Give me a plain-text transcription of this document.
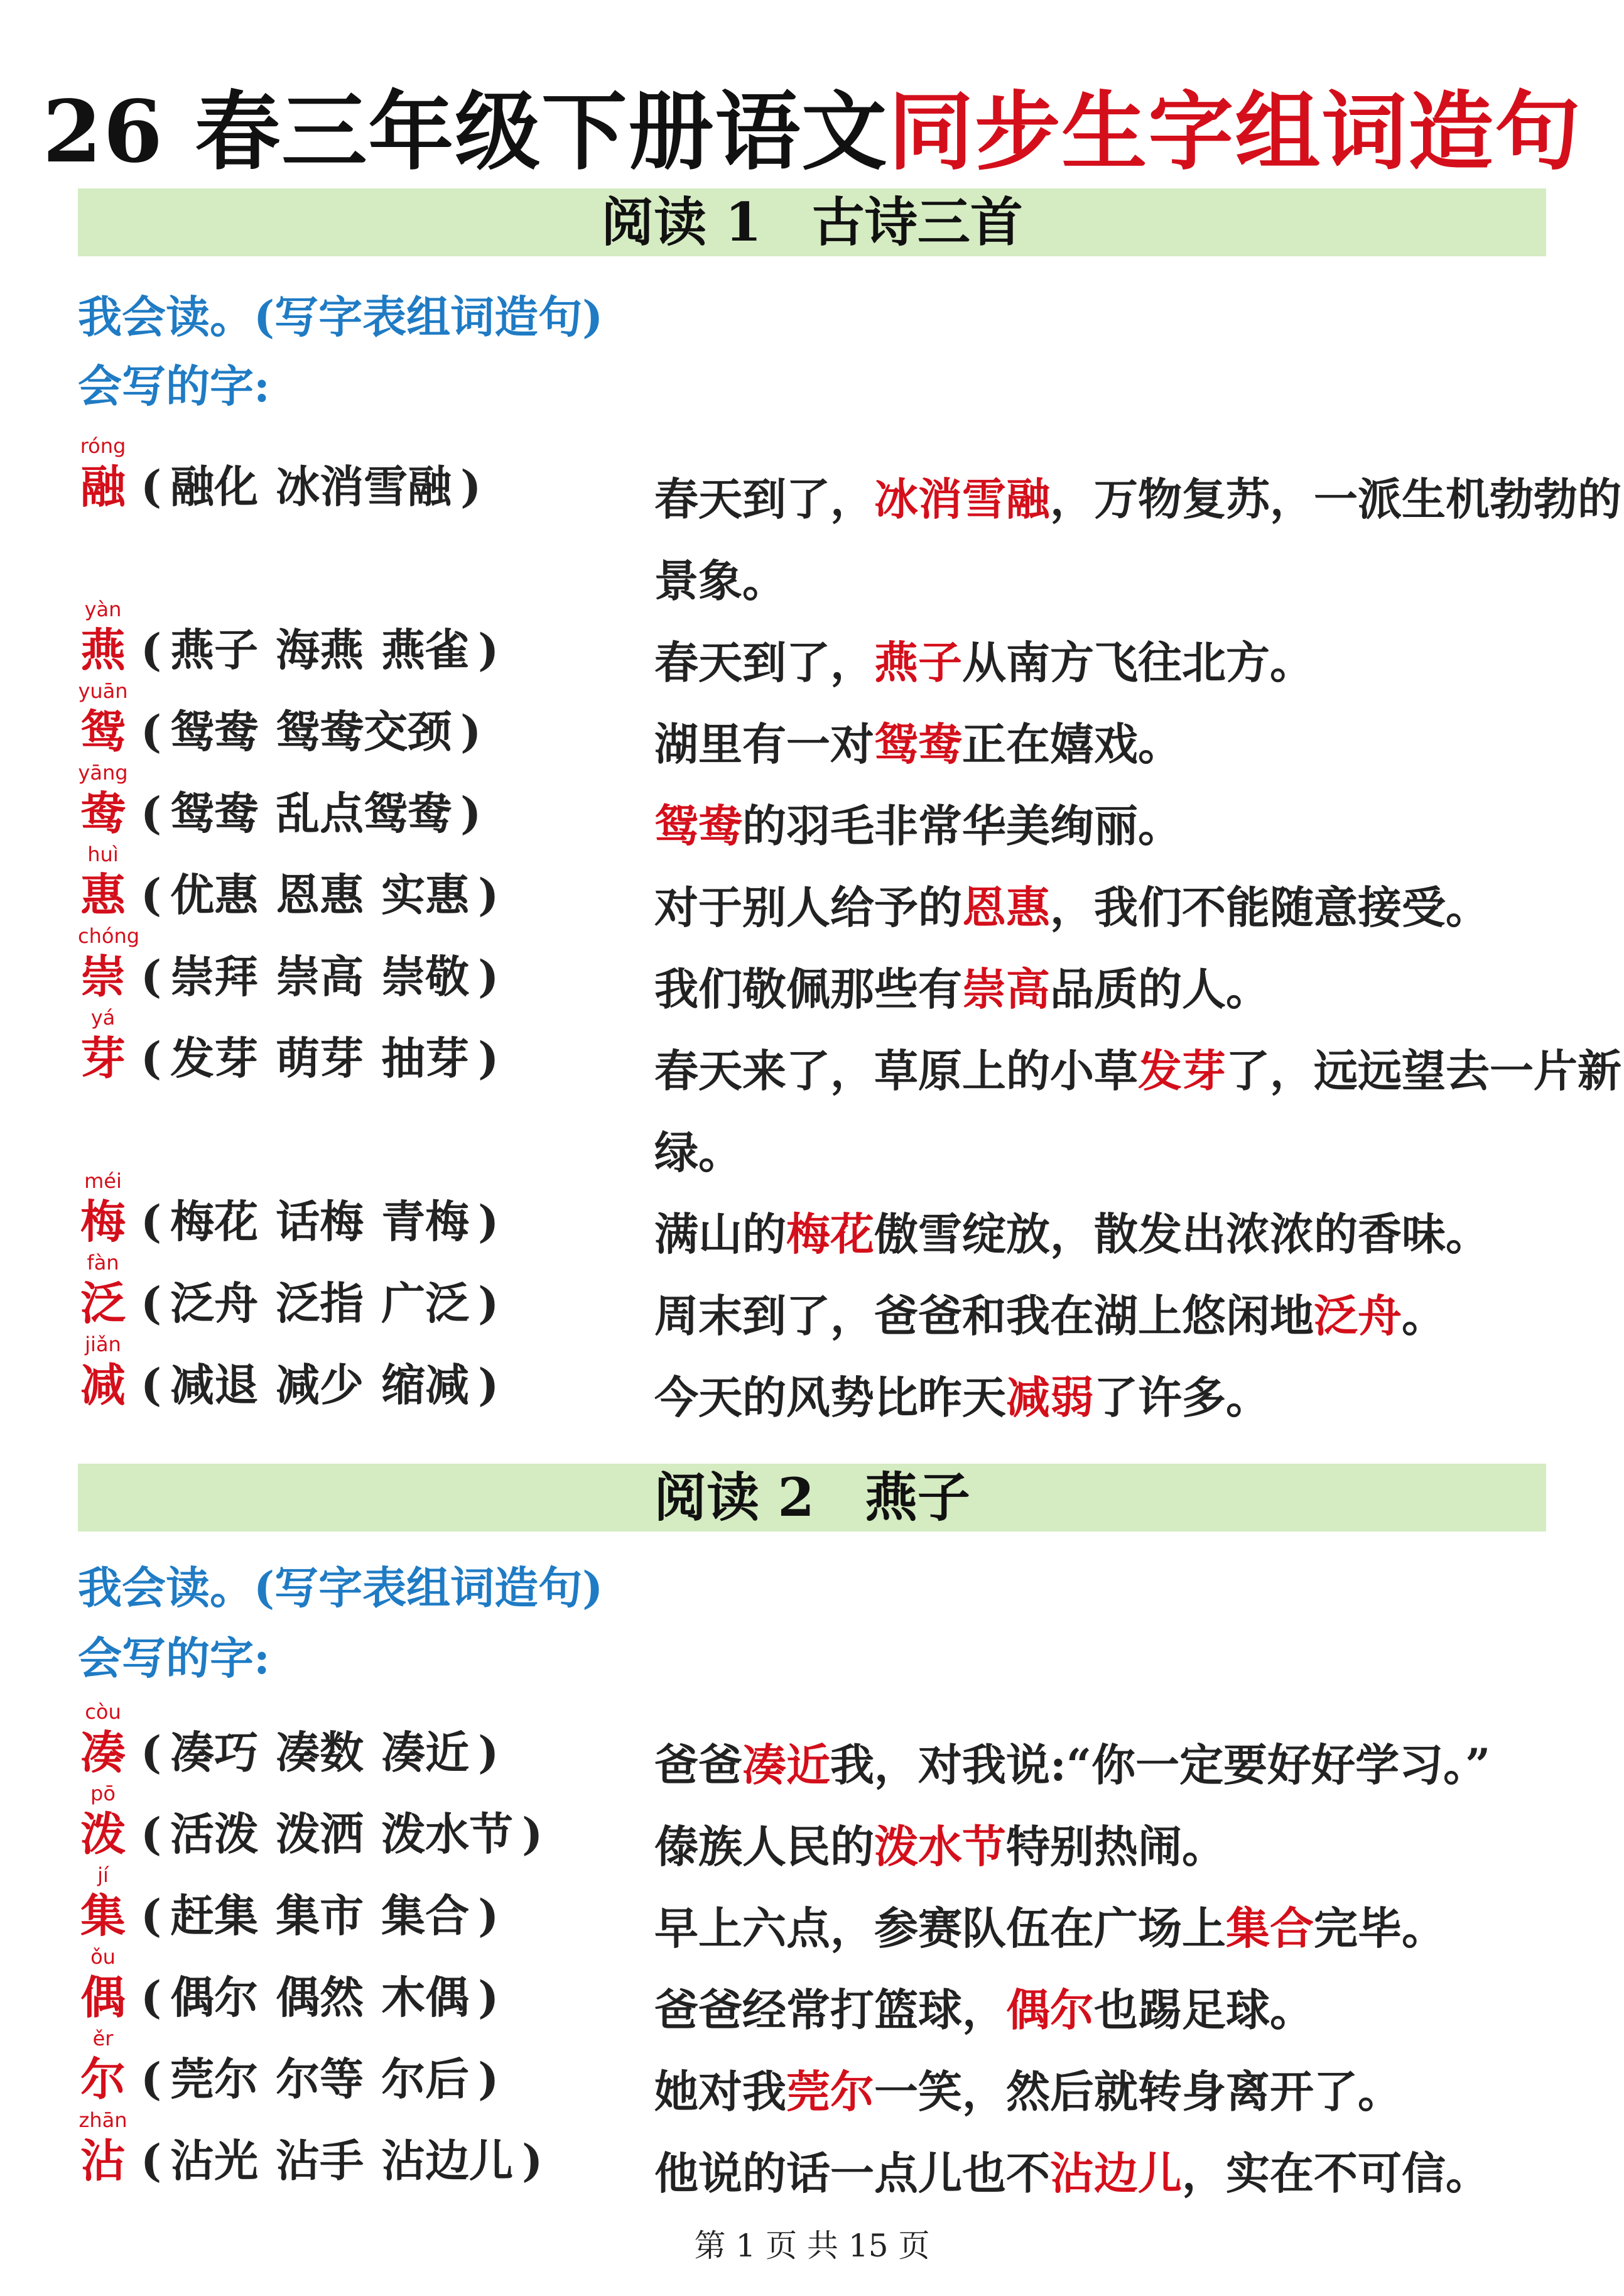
26 春三年级下册语文同步生字组词造句
阅读 1 古诗三首
我会读。(写字表组词造句)
会写的字:
róng
融 ( 融化 冰消雪融 )	春天到了，冰消雪融，万物复苏，一派生机勃勃的景象。
yàn
燕 ( 燕子 海燕 燕雀 )	春天到了，燕子从南方飞往北方。
yuān
鸳 ( 鸳鸯 鸳鸯交颈 )	湖里有一对鸳鸯正在嬉戏。
yāng
鸯 ( 鸳鸯 乱点鸳鸯 )	鸳鸯的羽毛非常华美绚丽。
huì
惠 ( 优惠 恩惠 实惠 )	对于别人给予的恩惠，我们不能随意接受。
chóng
崇 ( 崇拜 崇高 崇敬 )	我们敬佩那些有崇高品质的人。
yá
芽 ( 发芽 萌芽 抽芽 )	春天来了，草原上的小草发芽了，远远望去一片新绿。
méi
梅 ( 梅花 话梅 青梅 )	满山的梅花傲雪绽放，散发出浓浓的香味。
fàn
泛 ( 泛舟 泛指 广泛 )	周末到了，爸爸和我在湖上悠闲地泛舟。
jiǎn
减 ( 减退 减少 缩减 )	今天的风势比昨天减弱了许多。
阅读 2 燕子
我会读。(写字表组词造句)
会写的字:
còu
凑 ( 凑巧 凑数 凑近 )	爸爸凑近我，对我说:“你一定要好好学习。”
pō
泼 ( 活泼 泼洒 泼水节 )	傣族人民的泼水节特别热闹。
jí
集 ( 赶集 集市 集合 )	早上六点，参赛队伍在广场上集合完毕。
ǒu
偶 ( 偶尔 偶然 木偶 )	爸爸经常打篮球，偶尔也踢足球。
ěr
尔 ( 莞尔 尔等 尔后 )	她对我莞尔一笑，然后就转身离开了。
zhān
沾 ( 沾光 沾手 沾边儿 )	他说的话一点儿也不沾边儿，实在不可信。
第 1 页 共 15 页
